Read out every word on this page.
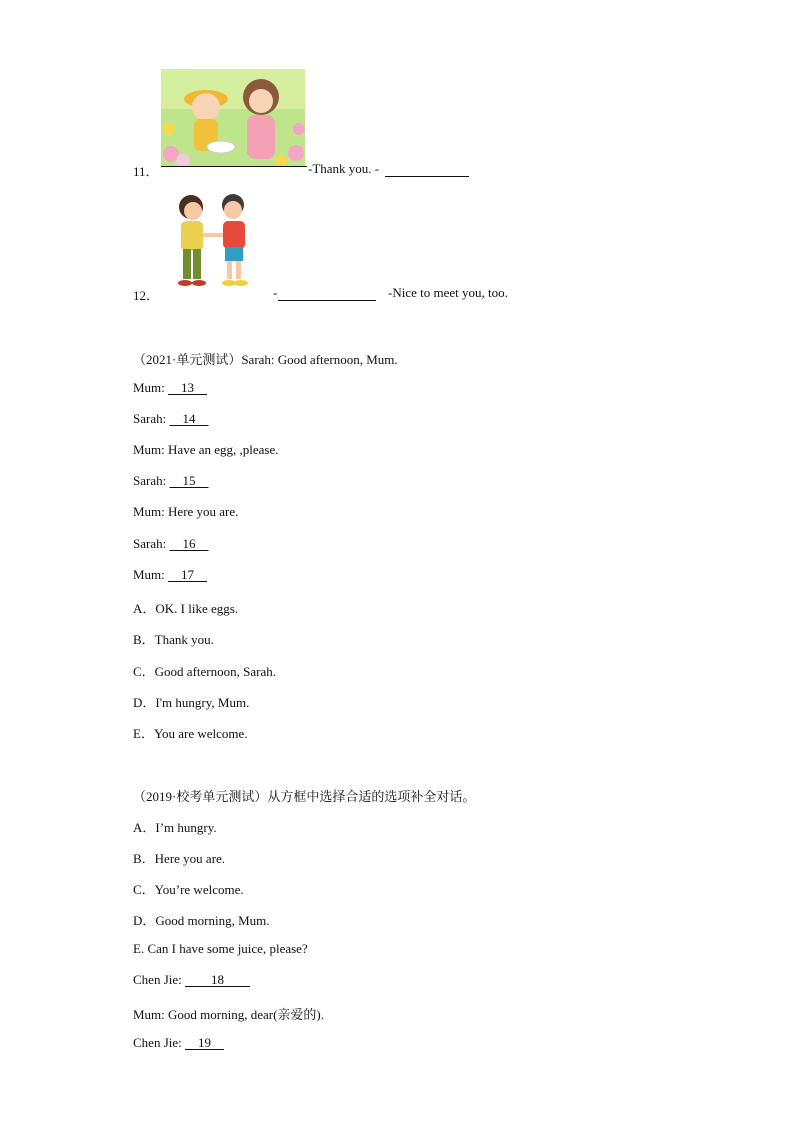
11．	-Thank you. -
12．	-	-Nice to meet you, too.
（2021·单元测试）Sarah: Good afternoon, Mum.
Mum:     13
Sarah:     14
Mum: Have an egg, ,please.
Sarah:     15
Mum: Here you are.
Sarah:     16
Mum:     17
A．OK. I like eggs.
B．Thank you.
C．Good afternoon, Sarah.
D．I'm hungry, Mum.
E．You are welcome.
（2019·校考单元测试）从方框中选择合适的选项补全对话。
A．I’m hungry.
B．Here you are.
C．You’re welcome.
D．Good morning, Mum.
E. Can I have some juice, please?
Chen Jie:         18
Mum: Good morning, dear(亲爱的).
Chen Jie:     19
